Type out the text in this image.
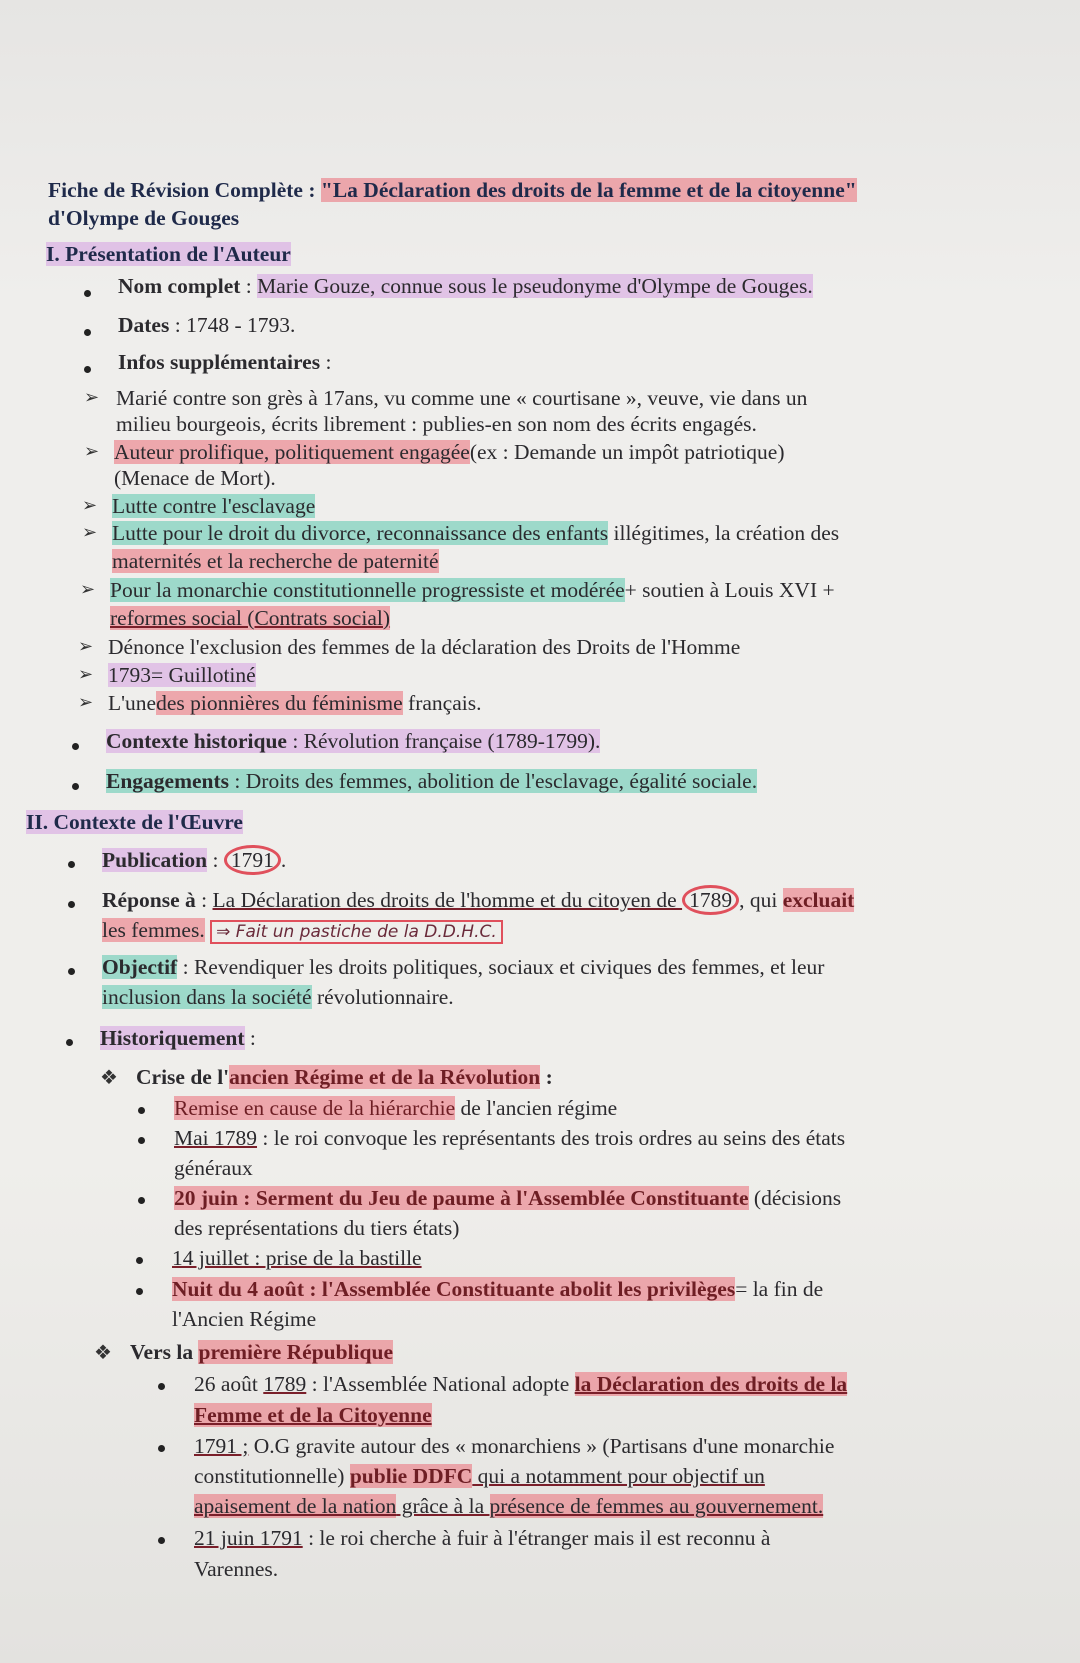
Fiche de Révision Complète : "La Déclaration des droits de la femme et de la citoyenne"
d'Olympe de Gouges
I. Présentation de l'Auteur
Nom complet : Marie Gouze, connue sous le pseudonyme d'Olympe de Gouges.
Dates : 1748 - 1793.
Infos supplémentaires :
➢ Marié contre son grès à 17ans, vu comme une « courtisane », veuve, vie dans un
milieu bourgeois, écrits librement : publies-en son nom des écrits engagés.
➢ Auteur prolifique, politiquement engagée(ex : Demande un impôt patriotique)
(Menace de Mort).
➢ Lutte contre l'esclavage
➢ Lutte pour le droit du divorce, reconnaissance des enfants illégitimes, la création des
maternités et la recherche de paternité
➢ Pour la monarchie constitutionnelle progressiste et modérée+ soutien à Louis XVI +
reformes social (Contrats social)
➢ Dénonce l'exclusion des femmes de la déclaration des Droits de l'Homme
➢ 1793= Guillotiné
➢ L'unedes pionnières du féminisme français.
Contexte historique : Révolution française (1789-1799).
Engagements : Droits des femmes, abolition de l'esclavage, égalité sociale.
II. Contexte de l'Œuvre
Publication : 1791 .
Réponse à : La Déclaration des droits de l'homme et du citoyen de 1789 , qui excluait
les femmes. ⇒ Fait un pastiche de la D.D.H.C.
Objectif : Revendiquer les droits politiques, sociaux et civiques des femmes, et leur
inclusion dans la société révolutionnaire.
Historiquement :
❖ Crise de l'ancien Régime et de la Révolution :
Remise en cause de la hiérarchie de l'ancien régime
Mai 1789 : le roi convoque les représentants des trois ordres au seins des états
généraux
20 juin : Serment du Jeu de paume à l'Assemblée Constituante (décisions
des représentations du tiers états)
14 juillet : prise de la bastille
Nuit du 4 août : l'Assemblée Constituante abolit les privilèges= la fin de
l'Ancien Régime
❖ Vers la première République
26 août 1789 : l'Assemblée National adopte la Déclaration des droits de la
Femme et de la Citoyenne
1791 ; O.G gravite autour des « monarchiens » (Partisans d'une monarchie
constitutionnelle) publie DDFC qui a notamment pour objectif un
apaisement de la nation grâce à la présence de femmes au gouvernement.
21 juin 1791 : le roi cherche à fuir à l'étranger mais il est reconnu à
Varennes.
